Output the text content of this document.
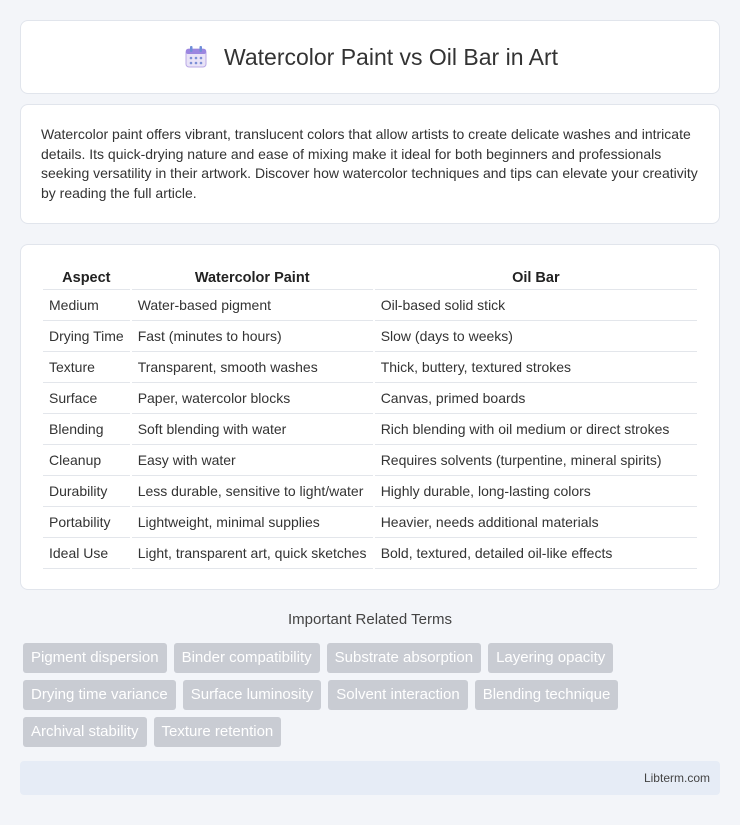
Watercolor Paint vs Oil Bar in Art

Watercolor paint offers vibrant, translucent colors that allow artists to create delicate washes and intricate details. Its quick-drying nature and ease of mixing make it ideal for both beginners and professionals seeking versatility in their artwork. Discover how watercolor techniques and tips can elevate your creativity by reading the full article.

Aspect	Watercolor Paint	Oil Bar
Medium	Water-based pigment	Oil-based solid stick
Drying Time	Fast (minutes to hours)	Slow (days to weeks)
Texture	Transparent, smooth washes	Thick, buttery, textured strokes
Surface	Paper, watercolor blocks	Canvas, primed boards
Blending	Soft blending with water	Rich blending with oil medium or direct strokes
Cleanup	Easy with water	Requires solvents (turpentine, mineral spirits)
Durability	Less durable, sensitive to light/water	Highly durable, long-lasting colors
Portability	Lightweight, minimal supplies	Heavier, needs additional materials
Ideal Use	Light, transparent art, quick sketches	Bold, textured, detailed oil-like effects
Important Related Terms
Pigment dispersion	Binder compatibility	Substrate absorption	Layering opacity
Drying time variance	Surface luminosity	Solvent interaction	Blending technique
Archival stability	Texture retention
Libterm.com
